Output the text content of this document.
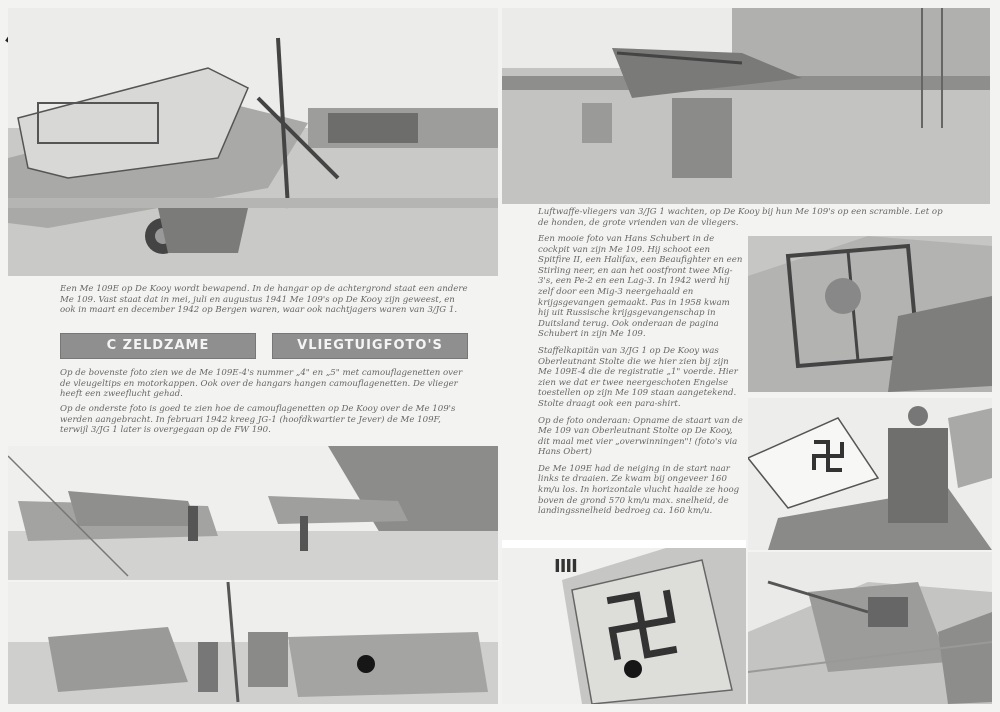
Luftwaffe-vliegers van 3/JG 1 wachten, op De Kooy bij hun Me 109's op een scramble. Let op de honden, de grote vrienden van de vliegers.
Een Me 109E op De Kooy wordt bewapend. In de hangar op de achtergrond staat een andere Me 109. Vast staat dat in mei, juli en augustus 1941 Me 109's op De Kooy zijn geweest, en ook in maart en december 1942 op Bergen waren, waar ook nachtjagers waren van 3/JG 1.
C ZELDZAME	VLIEGTUIGFOTO'S
Op de bovenste foto zien we de Me 109E-4's nummer „4" en „5" met camouflagenetten over de vleugeltips en motorkappen. Ook over de hangars hangen camouflagenetten. De vlieger heeft een zweeflucht gehad.
Op de onderste foto is goed te zien hoe de camouflagenetten op De Kooy over de Me 109's werden aangebracht. In februari 1942 kreeg JG-1 (hoofdkwartier te Jever) de Me 109F, terwijl 3/JG 1 later is overgegaan op de FW 190.

Een mooie foto van Hans Schubert in de cockpit van zijn Me 109. Hij schoot een Spitfire II, een Halifax, een Beaufighter en een Stirling neer, en aan het oostfront twee Mig-3's, een Pe-2 en een Lag-3. In 1942 werd hij zelf door een Mig-3 neergehaald en krijgsgevangen gemaakt. Pas in 1958 kwam hij uit Russische krijgsgevangenschap in Duitsland terug. Ook onderaan de pagina Schubert in zijn Me 109.

Staffelkapitän van 3/JG 1 op De Kooy was Oberleutnant Stolte die we hier zien bij zijn Me 109E-4 die de registratie „1" voerde. Hier zien we dat er twee neergeschoten Engelse toestellen op zijn Me 109 staan aangetekend. Stolte draagt ook een para-shirt.

Op de foto onderaan: Opname de staart van de Me 109 van Oberleutnant Stolte op De Kooy, dit maal met vier „overwinningen"! (foto's via Hans Obert)

De Me 109E had de neiging in de start naar links te draaien. Ze kwam bij ongeveer 160 km/u los. In horizontale vlucht haalde ze hoog boven de grond 570 km/u max. snelheid, de landingssnelheid bedroeg ca. 160 km/u.

IIII
